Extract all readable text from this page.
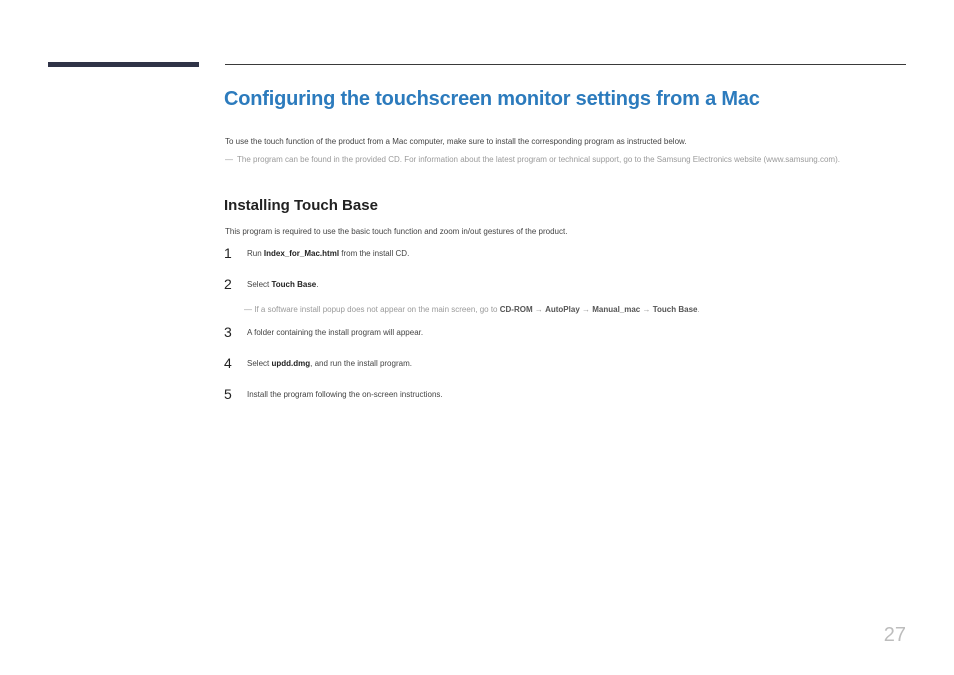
Configuring the touchscreen monitor settings from a Mac
To use the touch function of the product from a Mac computer, make sure to install the corresponding program as instructed below.
― The program can be found in the provided CD. For information about the latest program or technical support, go to the Samsung Electronics website (www.samsung.com).
Installing Touch Base
This program is required to use the basic touch function and zoom in/out gestures of the product.
1 Run Index_for_Mac.html from the install CD.
2 Select Touch Base.
― If a software install popup does not appear on the main screen, go to CD-ROM → AutoPlay → Manual_mac → Touch Base.
3 A folder containing the install program will appear.
4 Select updd.dmg, and run the install program.
5 Install the program following the on-screen instructions.
27
